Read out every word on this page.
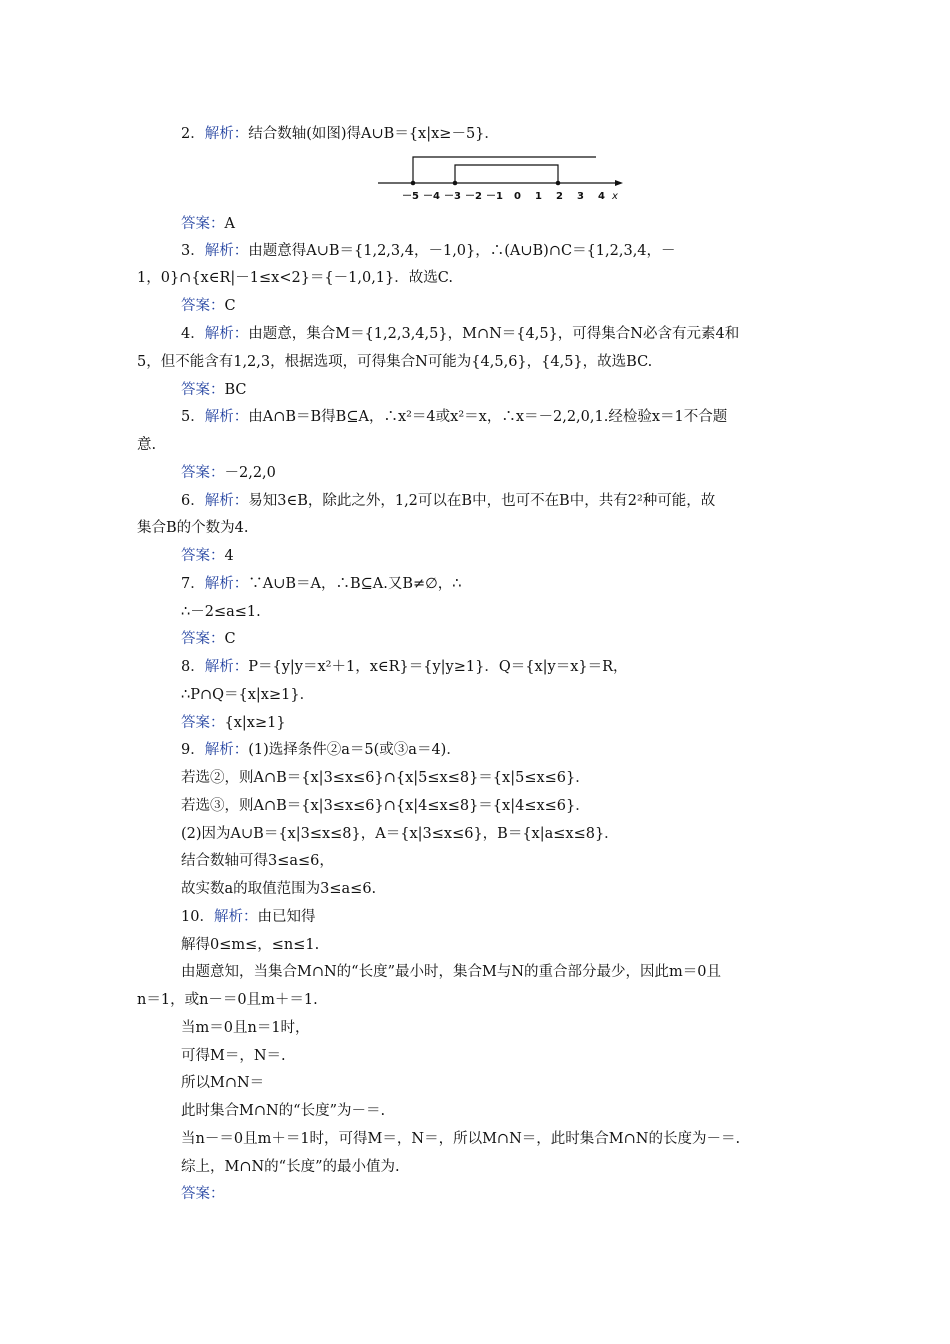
2．解析：结合数轴(如图)得A∪B＝{x|x≥－5}．
－5 －4 －3 －2 －1 0 1 2 3 4 x
答案：A
3．解析：由题意得A∪B＝{1,2,3,4，－1,0}，∴(A∪B)∩C＝{1,2,3,4，－
1，0}∩{x∈R|－1≤x<2}＝{－1,0,1}．故选C.
答案：C
4．解析：由题意，集合M＝{1,2,3,4,5}，M∩N＝{4,5}，可得集合N必含有元素4和
5，但不能含有1,2,3，根据选项，可得集合N可能为{4,5,6}，{4,5}，故选BC.
答案：BC
5．解析：由A∩B＝B得B⊆A，∴x²＝4或x²＝x，∴x＝－2,2,0,1.经检验x＝1不合题
意.
答案：－2,2,0
6．解析：易知3∈B，除此之外，1,2可以在B中，也可不在B中，共有2²种可能，故
集合B的个数为4.
答案：4
7．解析：∵A∪B＝A，∴B⊆A.又B≠∅，∴
∴－2≤a≤1.
答案：C
8．解析：P＝{y|y＝x²＋1，x∈R}＝{y|y≥1}．Q＝{x|y＝x}＝R，
∴P∩Q＝{x|x≥1}．
答案：{x|x≥1}
9．解析：(1)选择条件②a＝5(或③a＝4)．
若选②，则A∩B＝{x|3≤x≤6}∩{x|5≤x≤8}＝{x|5≤x≤6}．
若选③，则A∩B＝{x|3≤x≤6}∩{x|4≤x≤8}＝{x|4≤x≤6}．
(2)因为A∪B＝{x|3≤x≤8}，A＝{x|3≤x≤6}，B＝{x|a≤x≤8}．
结合数轴可得3≤a≤6，
故实数a的取值范围为3≤a≤6.
10．解析：由已知得
解得0≤m≤，≤n≤1.
由题意知，当集合M∩N的“长度”最小时，集合M与N的重合部分最少，因此m＝0且
n＝1，或n－＝0且m＋＝1.
当m＝0且n＝1时，
可得M＝，N＝.
所以M∩N＝
此时集合M∩N的“长度”为－＝.
当n－＝0且m＋＝1时，可得M＝，N＝，所以M∩N＝，此时集合M∩N的长度为－＝.
综上，M∩N的“长度”的最小值为.
答案：
